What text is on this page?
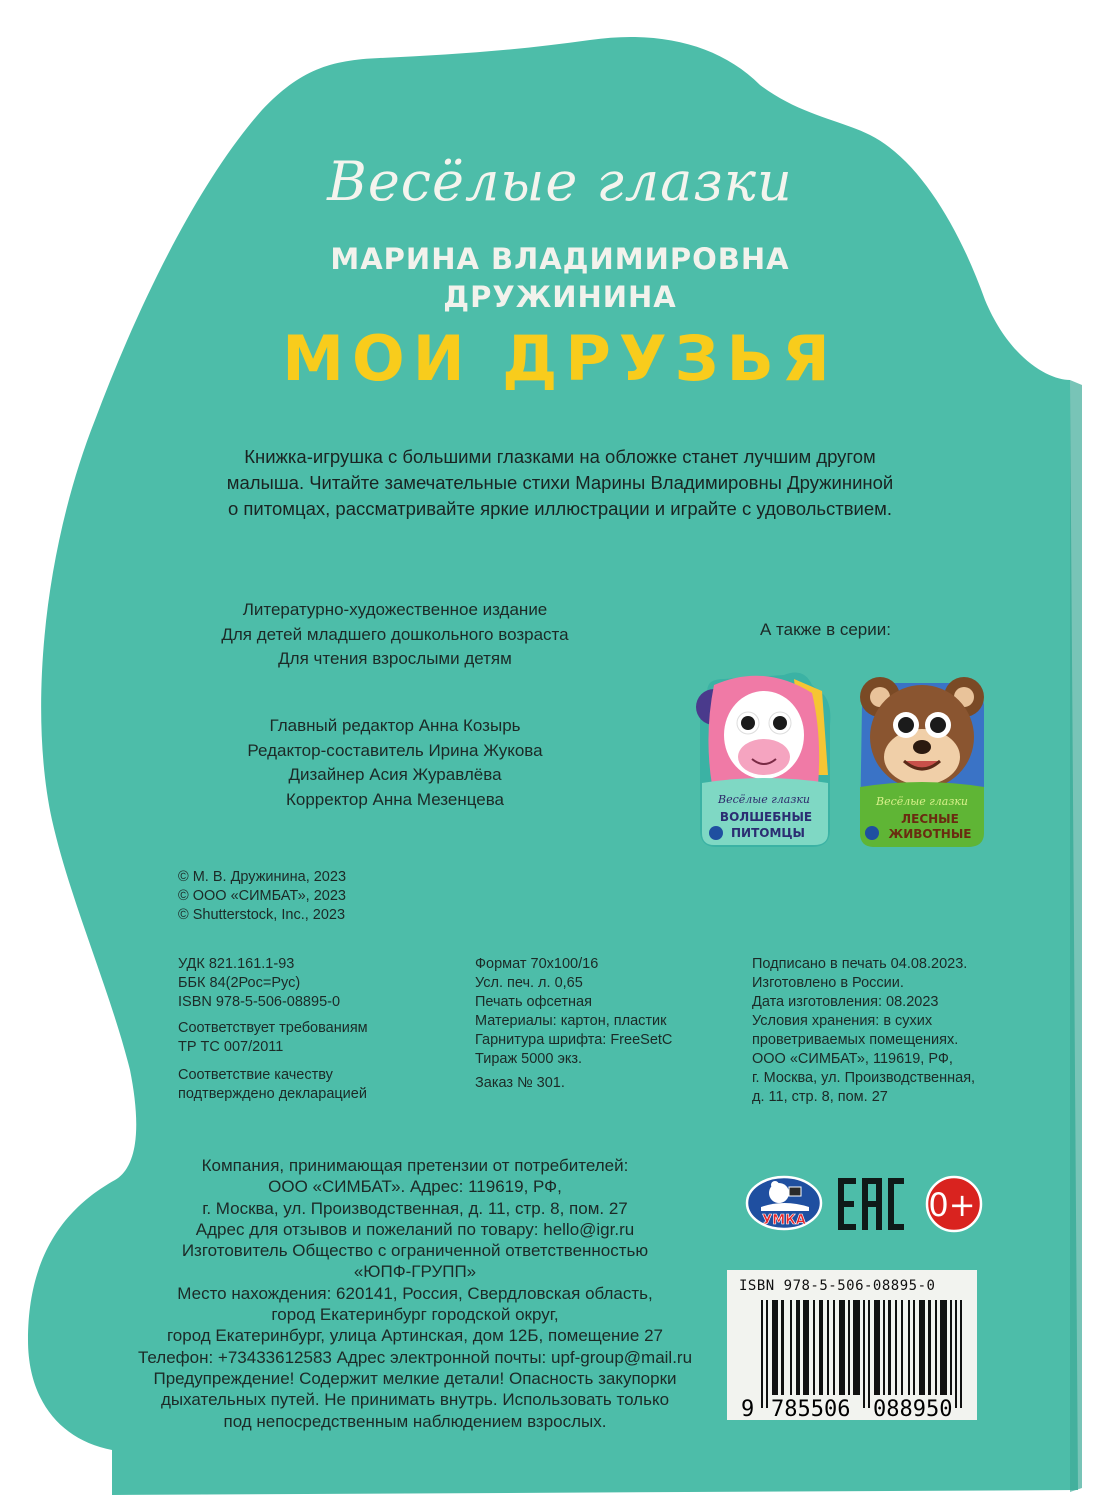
Весёлые глазки
МАРИНА ВЛАДИМИРОВНА
ДРУЖИНИНА
МОИ ДРУЗЬЯ
Книжка-игрушка с большими глазками на обложке станет лучшим другом
малыша. Читайте замечательные стихи Марины Владимировны Дружининой
о питомцах, рассматривайте яркие иллюстрации и играйте с удовольствием.
Литературно-художественное издание
Для детей младшего дошкольного возраста
Для чтения взрослыми детям
Главный редактор Анна Козырь
Редактор-составитель Ирина Жукова
Дизайнер Асия Журавлёва
Корректор Анна Мезенцева
А также в серии:
Весёлые глазки
ВОЛШЕБНЫЕ
ПИТОМЦЫ
Весёлые глазки
ЛЕСНЫЕ
ЖИВОТНЫЕ
© М. В. Дружинина, 2023
© ООО «СИМБАТ», 2023
© Shutterstock, Inc., 2023
УДК 821.161.1-93
ББК 84(2Рос=Рус)
ISBN 978-5-506-08895-0
Соответствует требованиям
ТР ТС 007/2011
Соответствие качеству
подтверждено декларацией
Формат 70x100/16
Усл. печ. л. 0,65
Печать офсетная
Материалы: картон, пластик
Гарнитура шрифта: FreeSetC
Тираж 5000 экз.
Заказ № 301.
Подписано в печать 04.08.2023.
Изготовлено в России.
Дата изготовления: 08.2023
Условия хранения: в сухих
проветриваемых помещениях.
ООО «СИМБАТ», 119619, РФ,
г. Москва, ул. Производственная,
д. 11, стр. 8, пом. 27
Компания, принимающая претензии от потребителей:
ООО «СИМБАТ». Адрес: 119619, РФ,
г. Москва, ул. Производственная, д. 11, стр. 8, пом. 27
Адрес для отзывов и пожеланий по товару: hello@igr.ru
Изготовитель Общество с ограниченной ответственностью
«ЮПФ-ГРУПП»
Место нахождения: 620141, Россия, Свердловская область,
город Екатеринбург городской округ,
город Екатеринбург, улица Артинская, дом 12Б, помещение 27
Телефон: +73433612583 Адрес электронной почты: upf-group@mail.ru
Предупреждение! Содержит мелкие детали! Опасность закупорки
дыхательных путей. Не принимать внутрь. Использовать только
под непосредственным наблюдением взрослых.
УМКА	0+
9 785506 088950
ISBN 978-5-506-08895-0
